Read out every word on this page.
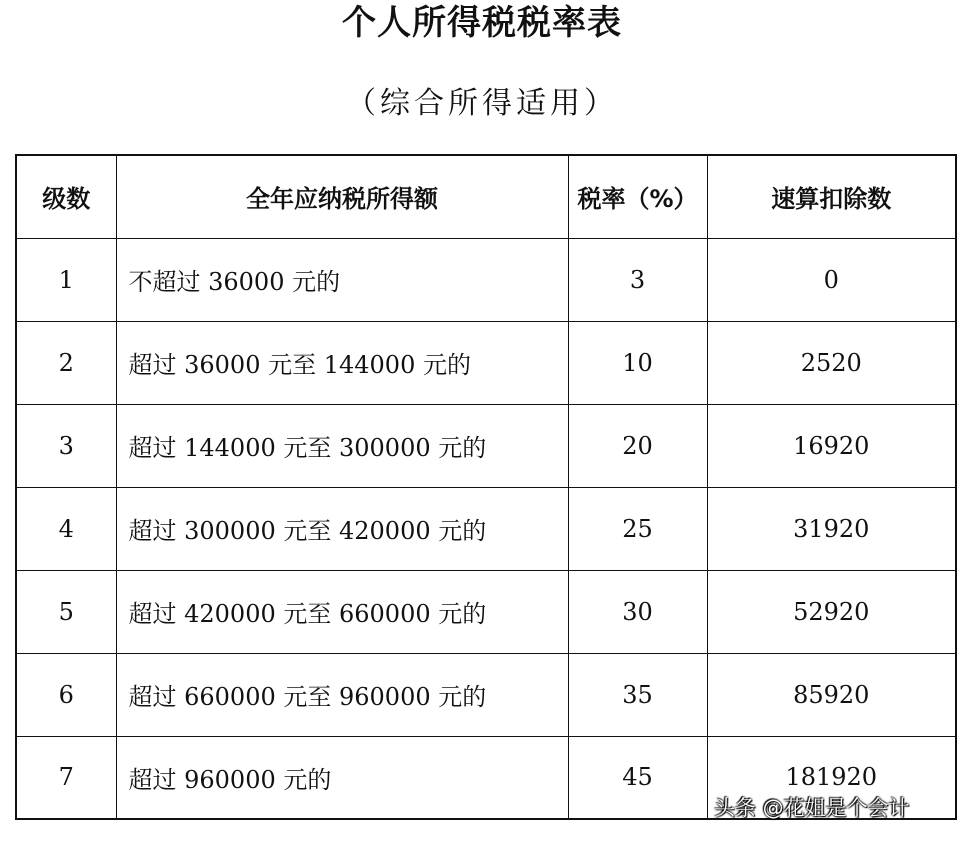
个人所得税税率表
（综合所得适用）
级数	全年应纳税所得额	税率（%）	速算扣除数
1	不超过 36000 元的	3	0
2	超过 36000 元至 144000 元的	10	2520
3	超过 144000 元至 300000 元的	20	16920
4	超过 300000 元至 420000 元的	25	31920
5	超过 420000 元至 660000 元的	30	52920
6	超过 660000 元至 960000 元的	35	85920
7	超过 960000 元的	45	181920
头条 @花姐是个会计
